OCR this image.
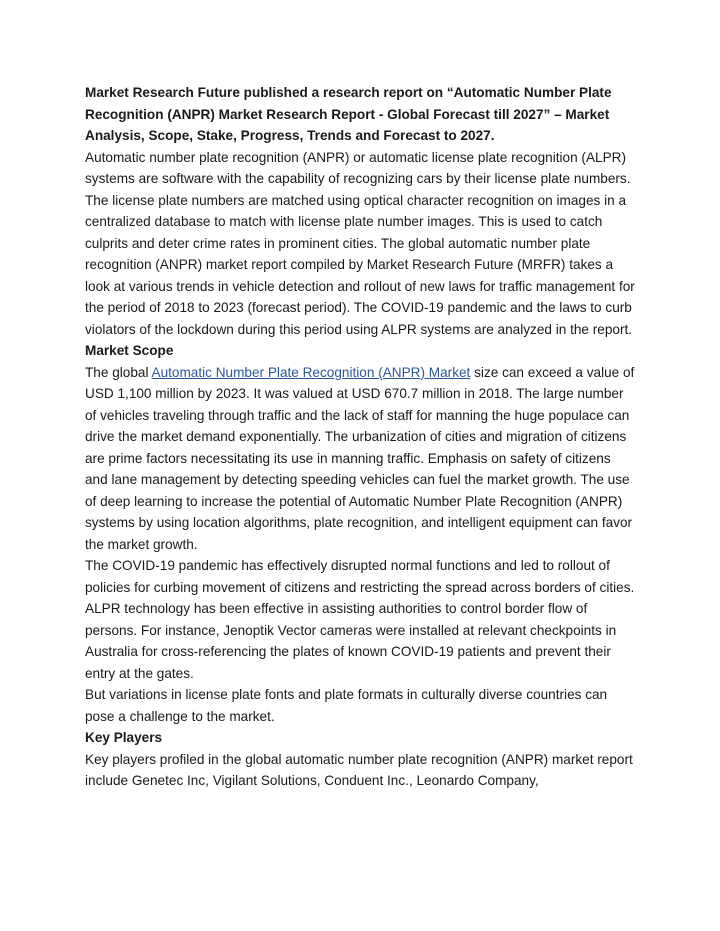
Market Research Future published a research report on “Automatic Number Plate Recognition (ANPR) Market Research Report - Global Forecast till 2027” – Market Analysis, Scope, Stake, Progress, Trends and Forecast to 2027.

Automatic number plate recognition (ANPR) or automatic license plate recognition (ALPR) systems are software with the capability of recognizing cars by their license plate numbers. The license plate numbers are matched using optical character recognition on images in a centralized database to match with license plate number images. This is used to catch culprits and deter crime rates in prominent cities. The global automatic number plate recognition (ANPR) market report compiled by Market Research Future (MRFR) takes a look at various trends in vehicle detection and rollout of new laws for traffic management for the period of 2018 to 2023 (forecast period). The COVID-19 pandemic and the laws to curb violators of the lockdown during this period using ALPR systems are analyzed in the report.

Market Scope

The global Automatic Number Plate Recognition (ANPR) Market size can exceed a value of USD 1,100 million by 2023. It was valued at USD 670.7 million in 2018. The large number of vehicles traveling through traffic and the lack of staff for manning the huge populace can drive the market demand exponentially. The urbanization of cities and migration of citizens are prime factors necessitating its use in manning traffic. Emphasis on safety of citizens and lane management by detecting speeding vehicles can fuel the market growth. The use of deep learning to increase the potential of Automatic Number Plate Recognition (ANPR) systems by using location algorithms, plate recognition, and intelligent equipment can favor the market growth.

The COVID-19 pandemic has effectively disrupted normal functions and led to rollout of policies for curbing movement of citizens and restricting the spread across borders of cities. ALPR technology has been effective in assisting authorities to control border flow of persons. For instance, Jenoptik Vector cameras were installed at relevant checkpoints in Australia for cross-referencing the plates of known COVID-19 patients and prevent their entry at the gates.

But variations in license plate fonts and plate formats in culturally diverse countries can pose a challenge to the market.

Key Players

Key players profiled in the global automatic number plate recognition (ANPR) market report include Genetec Inc, Vigilant Solutions, Conduent Inc., Leonardo Company,
